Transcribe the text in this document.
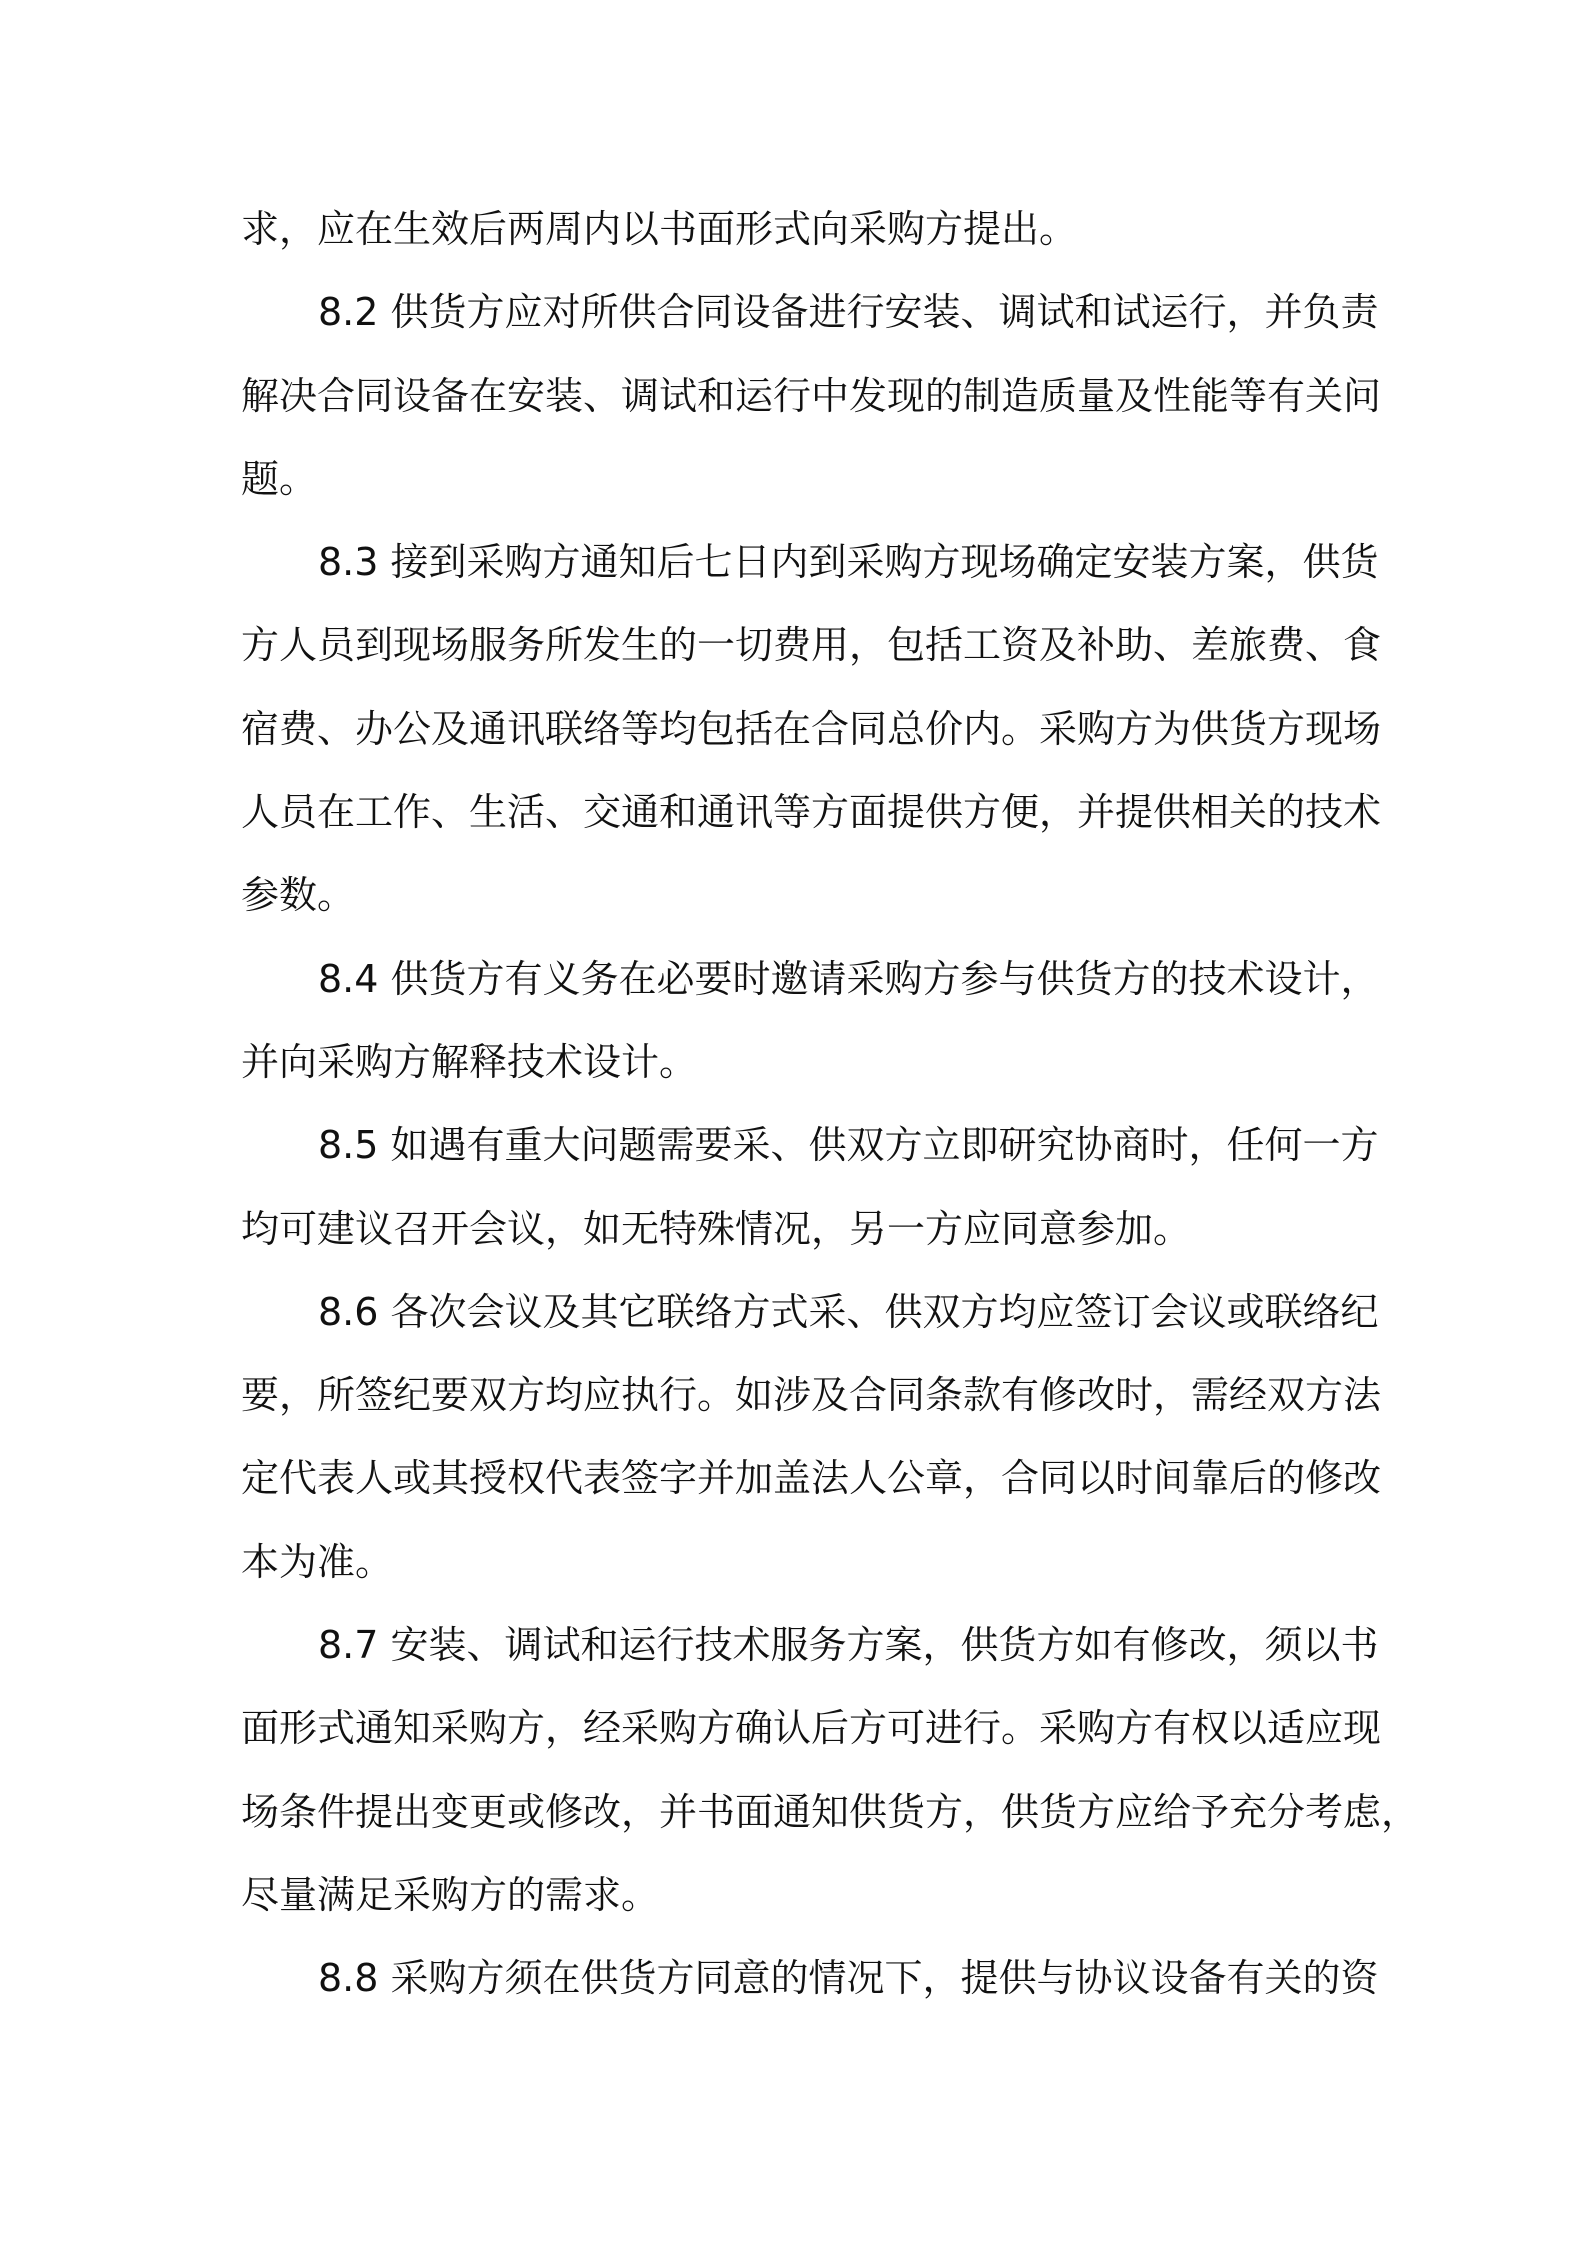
求，应在生效后两周内以书面形式向采购方提出。
8.2 供货方应对所供合同设备进行安装、调试和试运行，并负责
解决合同设备在安装、调试和运行中发现的制造质量及性能等有关问
题。
8.3 接到采购方通知后七日内到采购方现场确定安装方案，供货
方人员到现场服务所发生的一切费用，包括工资及补助、差旅费、食
宿费、办公及通讯联络等均包括在合同总价内。采购方为供货方现场
人员在工作、生活、交通和通讯等方面提供方便，并提供相关的技术
参数。
8.4 供货方有义务在必要时邀请采购方参与供货方的技术设计，
并向采购方解释技术设计。
8.5 如遇有重大问题需要采、供双方立即研究协商时，任何一方
均可建议召开会议，如无特殊情况，另一方应同意参加。
8.6 各次会议及其它联络方式采、供双方均应签订会议或联络纪
要，所签纪要双方均应执行。如涉及合同条款有修改时，需经双方法
定代表人或其授权代表签字并加盖法人公章，合同以时间靠后的修改
本为准。
8.7 安装、调试和运行技术服务方案，供货方如有修改，须以书
面形式通知采购方，经采购方确认后方可进行。采购方有权以适应现
场条件提出变更或修改，并书面通知供货方，供货方应给予充分考虑，
尽量满足采购方的需求。
8.8 采购方须在供货方同意的情况下，提供与协议设备有关的资
